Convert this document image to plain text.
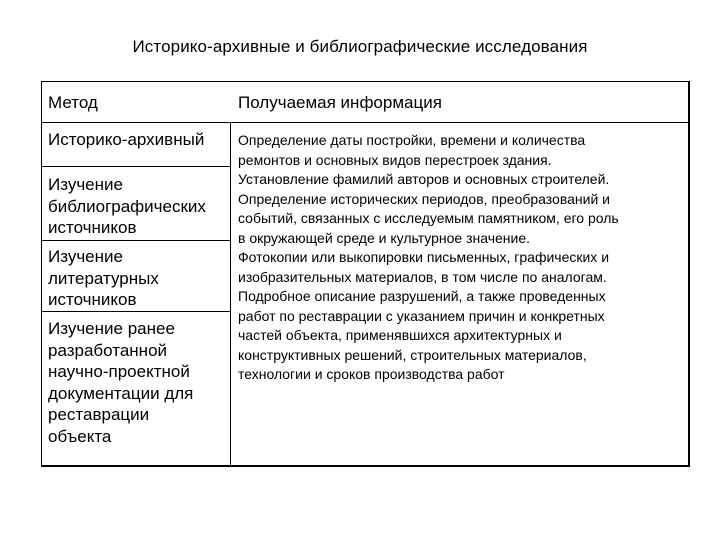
Историко-архивные и библиографические исследования
Метод	Получаемая информация
Историко-архивный
Изучение библиографических источников
Изучение литературных источников
Изучение ранее разработанной научно-проектной документации для реставрации объекта
Определение даты постройки, времени и количества
ремонтов и основных видов перестроек здания.
Установление фамилий авторов и основных строителей.
Определение исторических периодов, преобразований и
событий, связанных с исследуемым памятником, его роль
в окружающей среде и культурное значение.
Фотокопии или выкопировки письменных, графических и
изобразительных материалов, в том числе по аналогам.
Подробное описание разрушений, а также проведенных
работ по реставрации с указанием причин и конкретных
частей объекта, применявшихся архитектурных и
конструктивных решений, строительных материалов,
технологии и сроков производства работ
